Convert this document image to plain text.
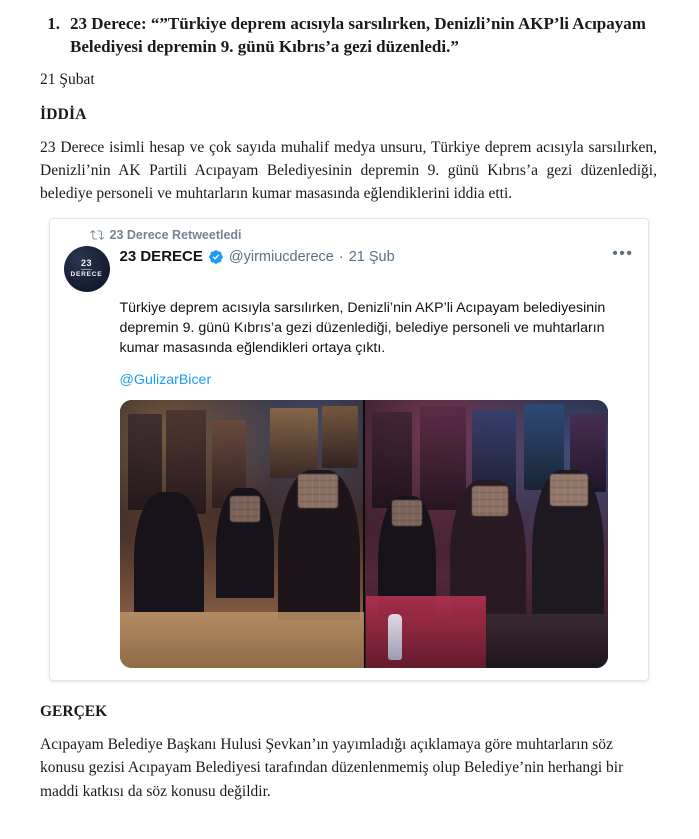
1. 23 Derece: “”Türkiye deprem acısıyla sarsılırken, Denizli’nin AKP’li Acıpayam Belediyesi depremin 9. günü Kıbrıs’a gezi düzenledi.”
21 Şubat
İDDİA
23 Derece isimli hesap ve çok sayıda muhalif medya unsuru, Türkiye deprem acısıyla sarsılırken, Denizli’nin AK Partili Acıpayam Belediyesinin depremin 9. günü Kıbrıs’a gezi düzenlediği, belediye personeli ve muhtarların kumar masasında eğlendiklerini iddia etti.
23 Derece Retweetledi
23
DERECE
23 DERECE @yirmiucderece · 21 Şub	•••
Türkiye deprem acısıyla sarsılırken, Denizli’nin AKP’li Acıpayam belediyesinin depremin 9. günü Kıbrıs’a gezi düzenlediği, belediye personeli ve muhtarların kumar masasında eğlendikleri ortaya çıktı.
@GulizarBicer
GERÇEK
Acıpayam Belediye Başkanı Hulusi Şevkan’ın yayımladığı açıklamaya göre muhtarların söz konusu gezisi Acıpayam Belediyesi tarafından düzenlenmemiş olup Belediye’nin herhangi bir maddi katkısı da söz konusu değildir.
